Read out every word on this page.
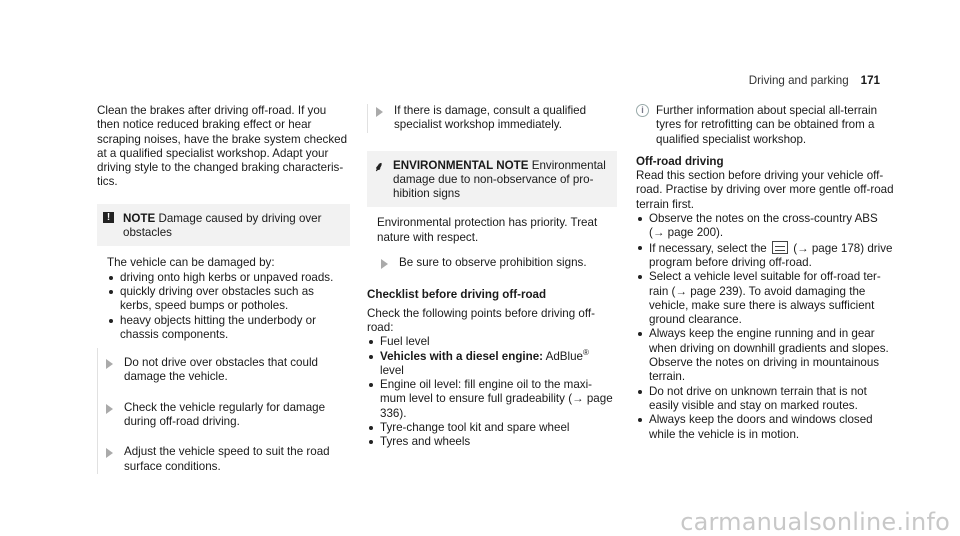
Driving and parking 171

Clean the brakes after driving off-road. If you then notice reduced braking effect or hear scraping noises, have the brake system checked at a qualified specialist workshop. Adapt your driving style to the changed braking characteris-tics.

!	NOTE Damage caused by driving over obstacles

The vehicle can be damaged by:

driving onto high kerbs or unpaved roads.
quickly driving over obstacles such as kerbs, speed bumps or potholes.
heavy objects hitting the underbody or chassis components.
Do not drive over obstacles that could damage the vehicle.
Check the vehicle regularly for damage during off-road driving.
Adjust the vehicle speed to suit the road surface conditions.
If there is damage, consult a qualified specialist workshop immediately.
⸙ ENVIRONMENTAL NOTE Environmental damage due to non-observance of pro-hibition signs

Environmental protection has priority. Treat nature with respect.

Be sure to observe prohibition signs.

Checklist before driving off-road

Check the following points before driving off-road:

Fuel level
Vehicles with a diesel engine: AdBlue®
level
Engine oil level: fill engine oil to the maxi-mum level to ensure full gradeability (→ page 336).
Tyre-change tool kit and spare wheel
Tyres and wheels
i	Further information about special all-terrain tyres for retrofitting can be obtained from a qualified specialist workshop.

Off-road driving

Read this section before driving your vehicle off-road. Practise by driving over more gentle off-road terrain first.

Observe the notes on the cross-country ABS (→ page 200).
If necessary, select the (→ page 178) drive program before driving off-road.
Select a vehicle level suitable for off-road ter-rain (→ page 239). To avoid damaging the vehicle, make sure there is always sufficient ground clearance.
Always keep the engine running and in gear when driving on downhill gradients and slopes. Observe the notes on driving in mountainous terrain.
Do not drive on unknown terrain that is not easily visible and stay on marked routes.
Always keep the doors and windows closed while the vehicle is in motion.
carmanualsonline.info
